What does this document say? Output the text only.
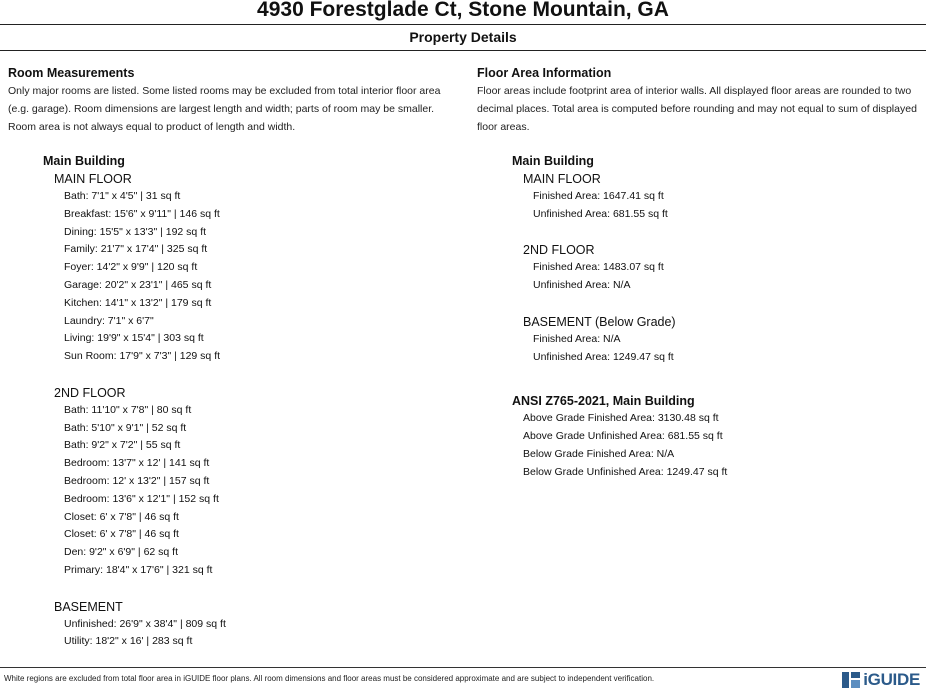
4930 Forestglade Ct, Stone Mountain, GA
Property Details
Room Measurements
Only major rooms are listed. Some listed rooms may be excluded from total interior floor area
(e.g. garage). Room dimensions are largest length and width; parts of room may be smaller.
Room area is not always equal to product of length and width.
Main Building
MAIN FLOOR
Bath: 7'1" x 4'5" | 31 sq ft
Breakfast: 15'6" x 9'11" | 146 sq ft
Dining: 15'5" x 13'3" | 192 sq ft
Family: 21'7" x 17'4" | 325 sq ft
Foyer: 14'2" x 9'9" | 120 sq ft
Garage: 20'2" x 23'1" | 465 sq ft
Kitchen: 14'1" x 13'2" | 179 sq ft
Laundry: 7'1" x 6'7"
Living: 19'9" x 15'4" | 303 sq ft
Sun Room: 17'9" x 7'3" | 129 sq ft
2ND FLOOR
Bath: 11'10" x 7'8" | 80 sq ft
Bath: 5'10" x 9'1" | 52 sq ft
Bath: 9'2" x 7'2" | 55 sq ft
Bedroom: 13'7" x 12' | 141 sq ft
Bedroom: 12' x 13'2" | 157 sq ft
Bedroom: 13'6" x 12'1" | 152 sq ft
Closet: 6' x 7'8" | 46 sq ft
Closet: 6' x 7'8" | 46 sq ft
Den: 9'2" x 6'9" | 62 sq ft
Primary: 18'4" x 17'6" | 321 sq ft
BASEMENT
Unfinished: 26'9" x 38'4" | 809 sq ft
Utility: 18'2" x 16' | 283 sq ft
Floor Area Information
Floor areas include footprint area of interior walls. All displayed floor areas are rounded to two
decimal places. Total area is computed before rounding and may not equal to sum of displayed
floor areas.
Main Building
MAIN FLOOR
Finished Area: 1647.41 sq ft
Unfinished Area: 681.55 sq ft
2ND FLOOR
Finished Area: 1483.07 sq ft
Unfinished Area: N/A
BASEMENT (Below Grade)
Finished Area: N/A
Unfinished Area: 1249.47 sq ft
ANSI Z765-2021, Main Building
Above Grade Finished Area: 3130.48 sq ft
Above Grade Unfinished Area: 681.55 sq ft
Below Grade Finished Area: N/A
Below Grade Unfinished Area: 1249.47 sq ft
White regions are excluded from total floor area in iGUIDE floor plans. All room dimensions and floor areas must be considered approximate and are subject to independent verification.	iGUIDE
